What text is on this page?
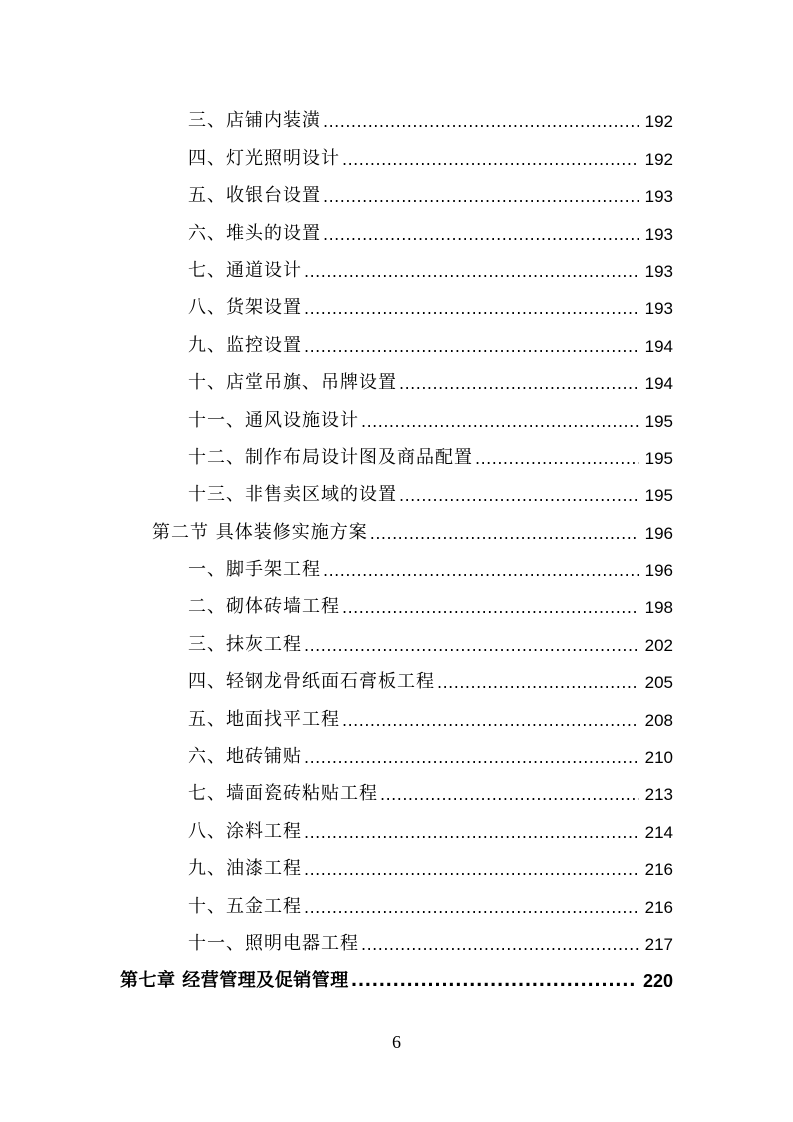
三、店铺内装潢 .....	192
四、灯光照明设计 .....	192
五、收银台设置 .....	193
六、堆头的设置 .....	193
七、通道设计 .....	193
八、货架设置 .....	193
九、监控设置 .....	194
十、店堂吊旗、吊牌设置 .....	194
十一、通风设施设计 .....	195
十二、制作布局设计图及商品配置 .....	195
十三、非售卖区域的设置 .....	195
第二节 具体装修实施方案 .....	196
一、脚手架工程 .....	196
二、砌体砖墙工程 .....	198
三、抹灰工程 .....	202
四、轻钢龙骨纸面石膏板工程 .....	205
五、地面找平工程 .....	208
六、地砖铺贴 .....	210
七、墙面瓷砖粘贴工程 .....	213
八、涂料工程 .....	214
九、油漆工程 .....	216
十、五金工程 .....	216
十一、照明电器工程 .....	217
第七章 经营管理及促销管理 .....	220
6
